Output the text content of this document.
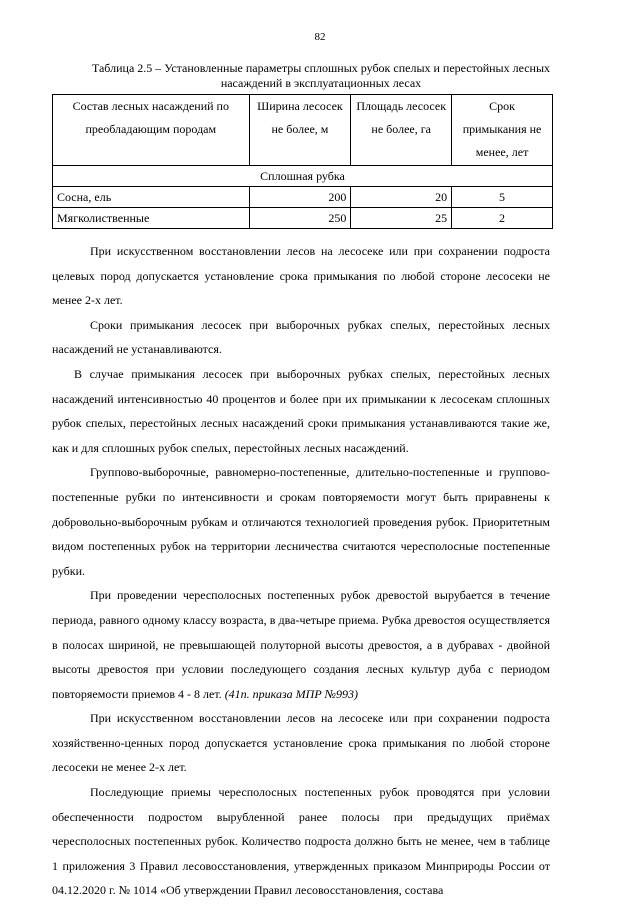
82
Таблица 2.5 – Установленные параметры сплошных рубок спелых и перестойных лесных
насаждений в эксплуатационных лесах
Состав лесных насаждений по преобладающим породам	Ширина лесосек не более, м	Площадь лесосек не более, га	Срок примыкания не менее, лет
Сплошная рубка			
Сосна, ель	200	20	5
Мягколиственные	250	25	2

При искусственном восстановлении лесов на лесосеке или при сохранении подроста целевых пород допускается установление срока примыкания по любой стороне лесосеки не менее 2-х лет.

Сроки примыкания лесосек при выборочных рубках спелых, перестойных лесных насаждений не устанавливаются.

В случае примыкания лесосек при выборочных рубках спелых, перестойных лесных насаждений интенсивностью 40 процентов и более при их примыкании к лесосекам сплошных рубок спелых, перестойных лесных насаждений сроки примыкания устанавливаются такие же, как и для сплошных рубок спелых, перестойных лесных насаждений.

Группово-выборочные, равномерно-постепенные, длительно-постепенные и группово-постепенные рубки по интенсивности и срокам повторяемости могут быть приравнены к добровольно-выборочным рубкам и отличаются технологией проведения рубок. Приоритетным видом постепенных рубок на территории лесничества считаются чересполосные постепенные рубки.

При проведении чересполосных постепенных рубок древостой вырубается в течение периода, равного одному классу возраста, в два-четыре приема. Рубка древостоя осуществляется в полосах шириной, не превышающей полуторной высоты древостоя, а в дубравах - двойной высоты древостоя при условии последующего создания лесных культур дуба с периодом повторяемости приемов 4 - 8 лет. (41п. приказа МПР №993)

При искусственном восстановлении лесов на лесосеке или при сохранении подроста хозяйственно-ценных пород допускается установление срока примыкания по любой стороне лесосеки не менее 2-х лет.

Последующие приемы чересполосных постепенных рубок проводятся при условии обеспеченности подростом вырубленной ранее полосы при предыдущих приёмах чересполосных постепенных рубок. Количество подроста должно быть не менее, чем в таблице 1 приложения 3 Правил лесовосстановления, утвержденных приказом Минприроды России от 04.12.2020 г. № 1014 «Об утверждении Правил лесовосстановления, состава
